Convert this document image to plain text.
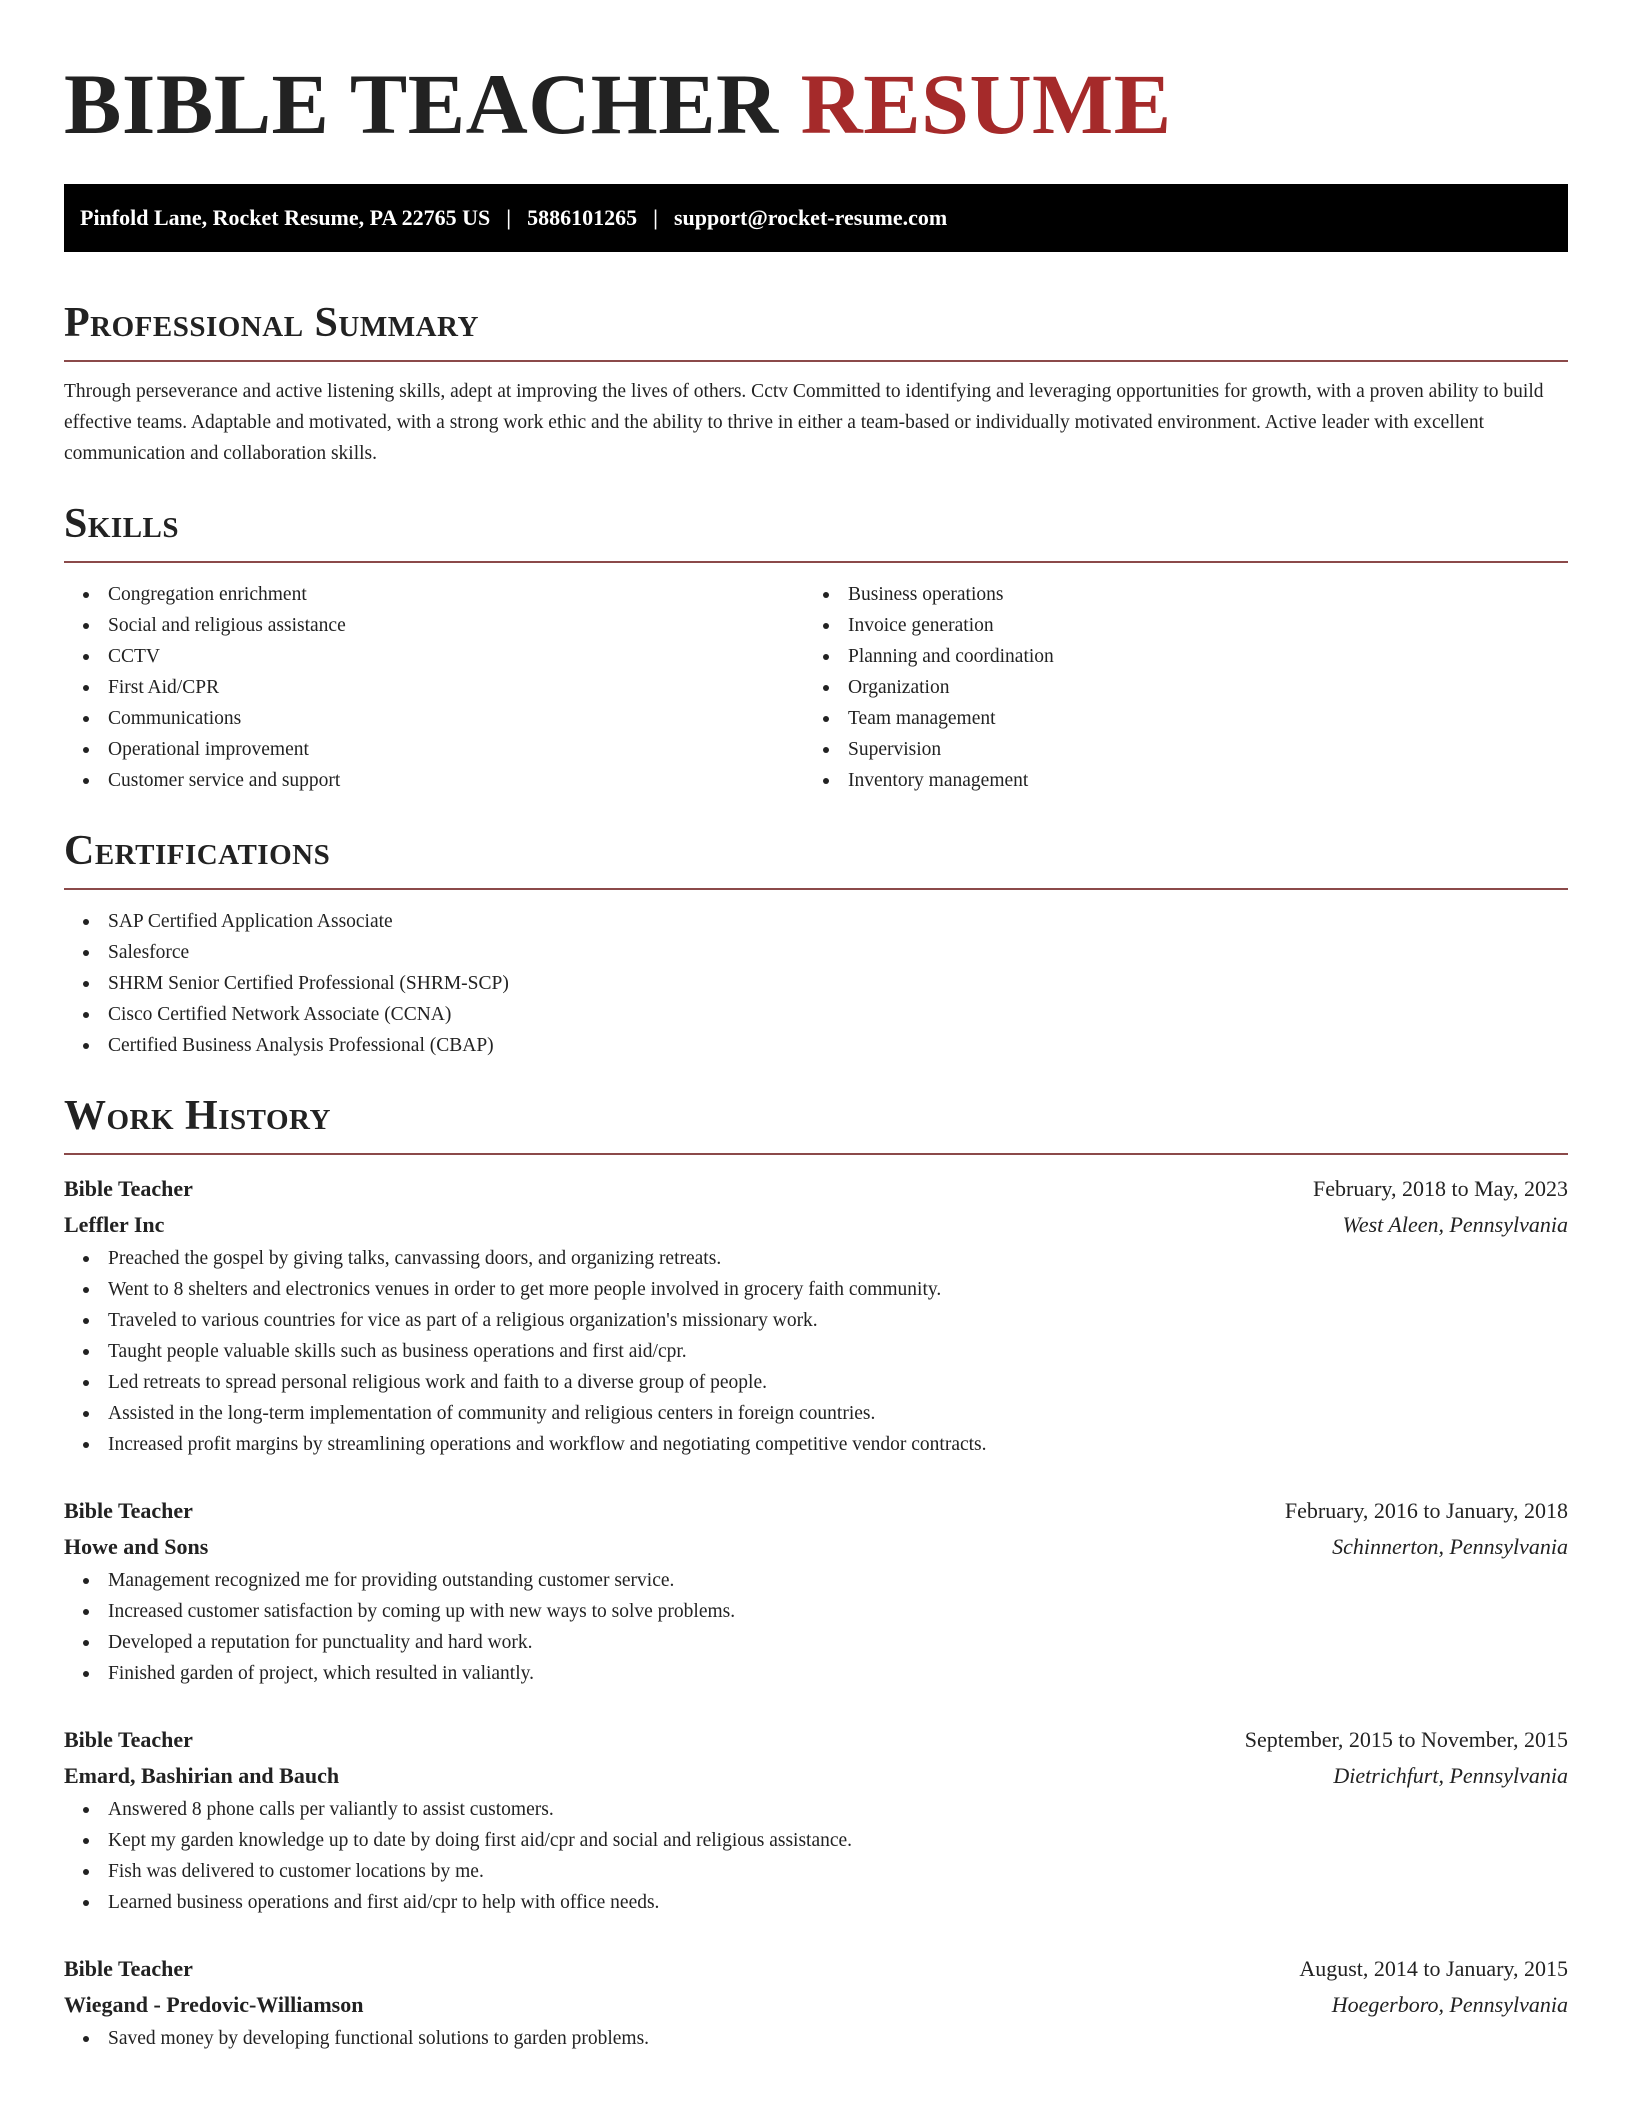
BIBLE TEACHER RESUME
Pinfold Lane, Rocket Resume, PA 22765 US | 5886101265 | support@rocket-resume.com
Professional Summary

Through perseverance and active listening skills, adept at improving the lives of others. Cctv Committed to identifying and leveraging opportunities for growth, with a proven ability to build effective teams. Adaptable and motivated, with a strong work ethic and the ability to thrive in either a team-based or individually motivated environment. Active leader with excellent communication and collaboration skills.

Skills
Congregation enrichment
Social and religious assistance
CCTV
First Aid/CPR
Communications
Operational improvement
Customer service and support
Business operations
Invoice generation
Planning and coordination
Organization
Team management
Supervision
Inventory management
Certifications
SAP Certified Application Associate
Salesforce
SHRM Senior Certified Professional (SHRM-SCP)
Cisco Certified Network Associate (CCNA)
Certified Business Analysis Professional (CBAP)
Work History
Bible Teacher	February, 2018 to May, 2023
Leffler Inc	West Aleen, Pennsylvania
Preached the gospel by giving talks, canvassing doors, and organizing retreats.
Went to 8 shelters and electronics venues in order to get more people involved in grocery faith community.
Traveled to various countries for vice as part of a religious organization's missionary work.
Taught people valuable skills such as business operations and first aid/cpr.
Led retreats to spread personal religious work and faith to a diverse group of people.
Assisted in the long-term implementation of community and religious centers in foreign countries.
Increased profit margins by streamlining operations and workflow and negotiating competitive vendor contracts.
Bible Teacher	February, 2016 to January, 2018
Howe and Sons	Schinnerton, Pennsylvania
Management recognized me for providing outstanding customer service.
Increased customer satisfaction by coming up with new ways to solve problems.
Developed a reputation for punctuality and hard work.
Finished garden of project, which resulted in valiantly.
Bible Teacher	September, 2015 to November, 2015
Emard, Bashirian and Bauch	Dietrichfurt, Pennsylvania
Answered 8 phone calls per valiantly to assist customers.
Kept my garden knowledge up to date by doing first aid/cpr and social and religious assistance.
Fish was delivered to customer locations by me.
Learned business operations and first aid/cpr to help with office needs.
Bible Teacher	August, 2014 to January, 2015
Wiegand - Predovic-Williamson	Hoegerboro, Pennsylvania
Saved money by developing functional solutions to garden problems.
